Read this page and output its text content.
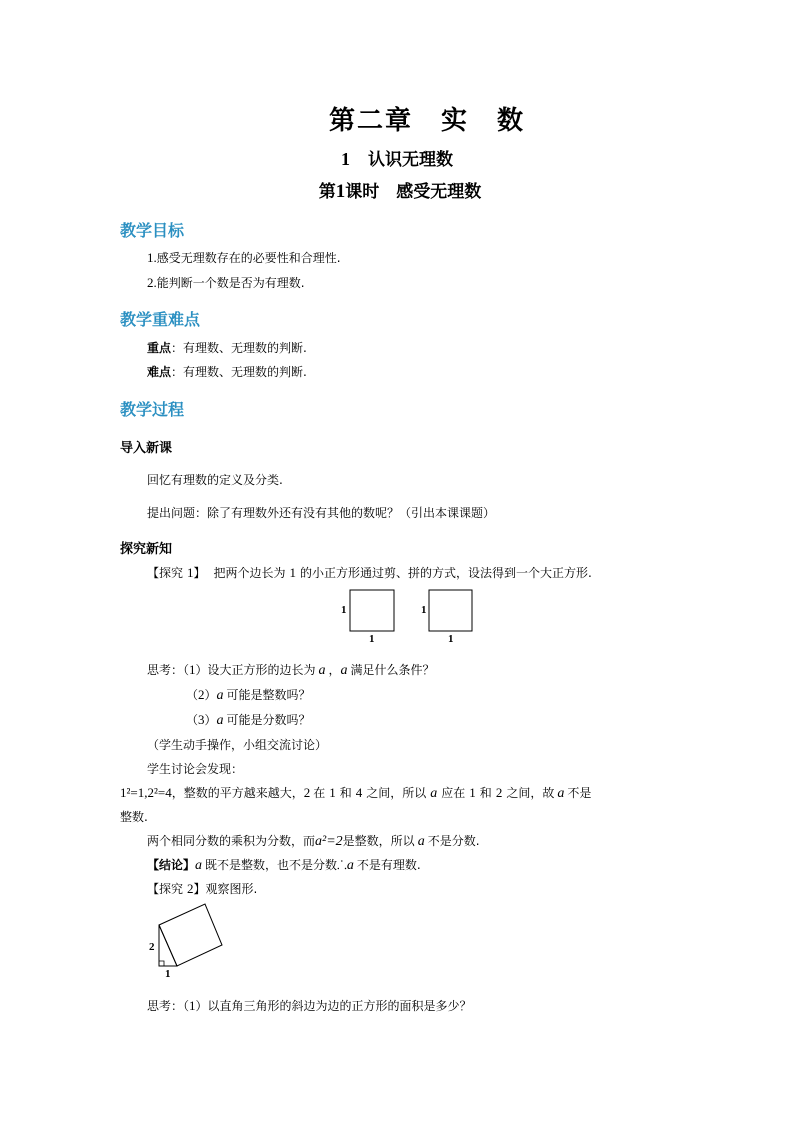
第二章　实　数
1 认识无理数
第1课时　感受无理数
教学目标
1.感受无理数存在的必要性和合理性.
2.能判断一个数是否为有理数.
教学重难点
重点：有理数、无理数的判断.
难点：有理数、无理数的判断.
教学过程
导入新课
回忆有理数的定义及分类.
提出问题：除了有理数外还有没有其他的数呢？（引出本课课题）
探究新知
【探究 1】 把两个边长为 1 的小正方形通过剪、拼的方式，设法得到一个大正方形.
1
1
1
1
思考：（1）设大正方形的边长为 a ，a 满足什么条件？
（2）a 可能是整数吗？
（3）a 可能是分数吗？
（学生动手操作，小组交流讨论）
学生讨论会发现：
1²=1,2²=4，整数的平方越来越大，2 在 1 和 4 之间，所以 a 应在 1 和 2 之间，故 a 不是
整数.
两个相同分数的乘积为分数，而a²=2是整数，所以 a 不是分数.
【结论】a 既不是整数，也不是分数⸫a 不是有理数.
【探究 2】观察图形.
2
1
思考：（1）以直角三角形的斜边为边的正方形的面积是多少？
